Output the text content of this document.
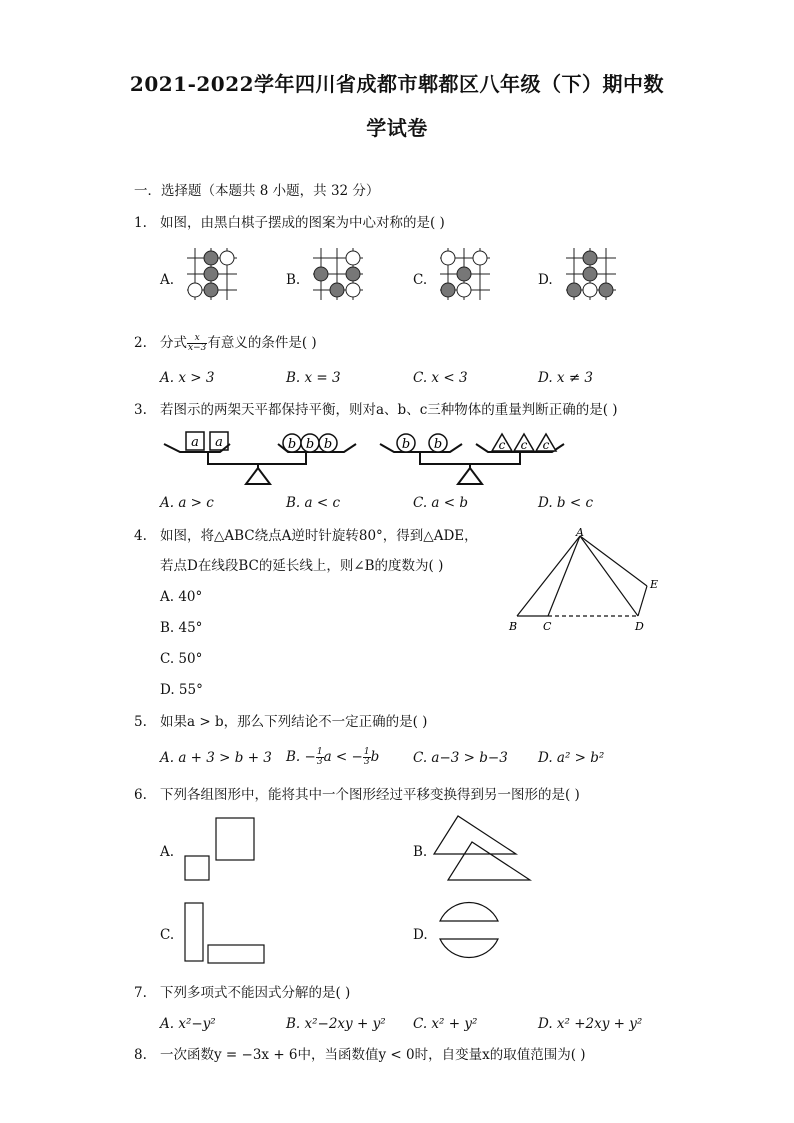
2021-2022学年四川省成都市郫都区八年级（下）期中数
学试卷
一．选择题（本题共 8 小题，共 32 分）
1. 如图，由黑白棋子摆成的图案为中心对称的是( )
A.	B.	C.	D.
2. 分式 $\frac{x}{x-3}$ 有意义的条件是( )
A. x > 3	B. x = 3	C. x < 3	D. x ≠ 3
3. 若图示的两架天平都保持平衡，则对a、b、c三种物体的重量判断正确的是( )
a a	b b b	b b	c c c
A. a > c	B. a < c	C. a < b	D. b < c
4. 如图，将△ABC绕点A逆时针旋转80°，得到△ADE，
若点D在线段BC的延长线上，则∠B的度数为( )
A. 40°
B. 45°
C. 50°
D. 55°
A
B C	D
E
5. 如果a > b，那么下列结论不一定正确的是( )
A. a + 3 > b + 3 B. − $\frac{1}{3}$ a < − $\frac{1}{3}$ b	C. a−3 > b−3 D. a² > b²
6. 下列各组图形中，能将其中一个图形经过平移变换得到另一图形的是( )
A.	B.
C.	D.
7. 下列多项式不能因式分解的是( )
A. x²−y²	B. x²−2xy + y² C. x² + y²	D. x² +2xy + y²
8. 一次函数y = −3x + 6中，当函数值y < 0时，自变量x的取值范围为( )
